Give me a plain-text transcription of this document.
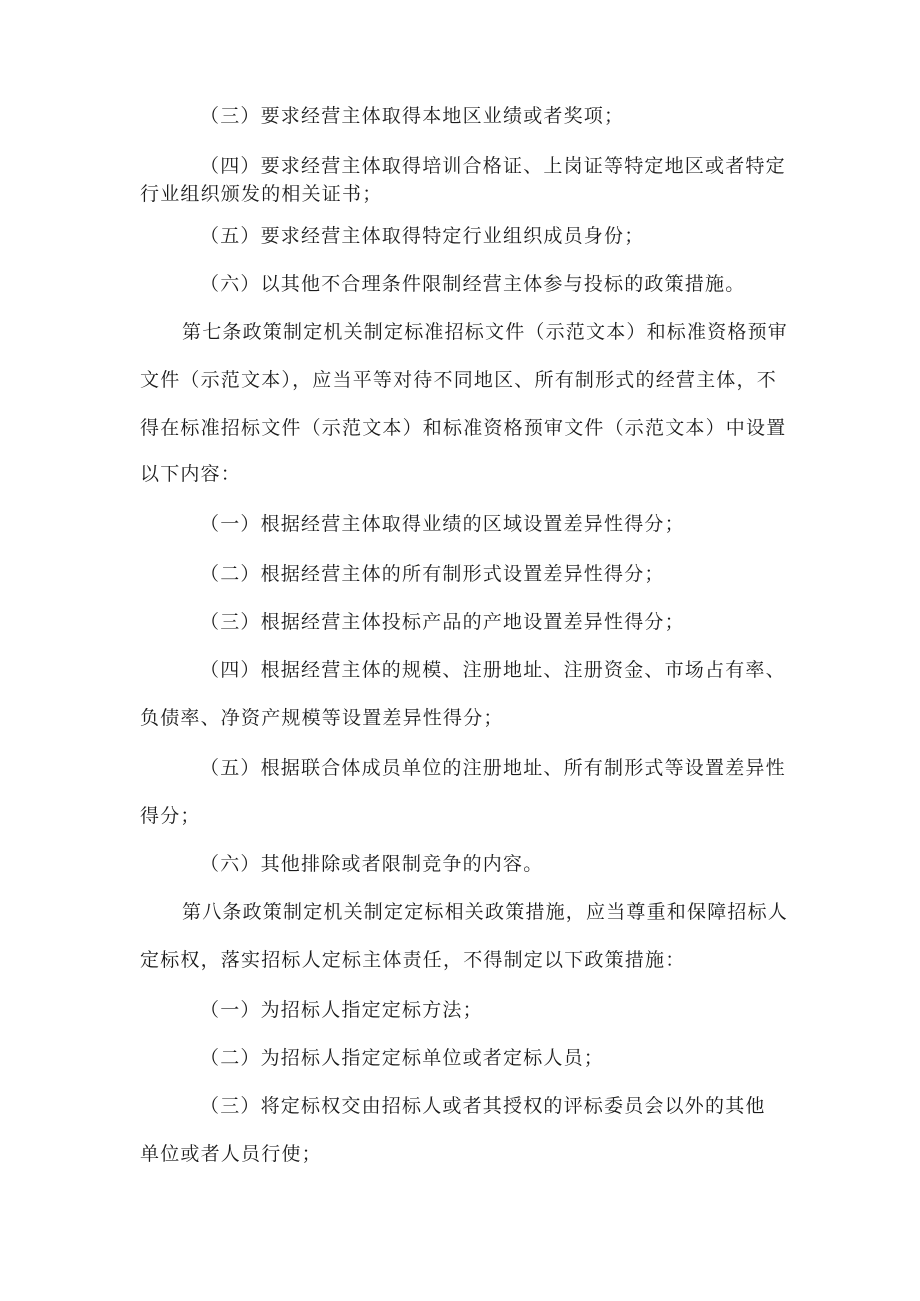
（三）要求经营主体取得本地区业绩或者奖项；
（四）要求经营主体取得培训合格证、上岗证等特定地区或者特定
行业组织颁发的相关证书；
（五）要求经营主体取得特定行业组织成员身份；
（六）以其他不合理条件限制经营主体参与投标的政策措施。
第七条政策制定机关制定标准招标文件（示范文本）和标准资格预审
文件（示范文本），应当平等对待不同地区、所有制形式的经营主体，不
得在标准招标文件（示范文本）和标准资格预审文件（示范文本）中设置
以下内容：
（一）根据经营主体取得业绩的区域设置差异性得分；
（二）根据经营主体的所有制形式设置差异性得分；
（三）根据经营主体投标产品的产地设置差异性得分；
（四）根据经营主体的规模、注册地址、注册资金、市场占有率、
负债率、净资产规模等设置差异性得分；
（五）根据联合体成员单位的注册地址、所有制形式等设置差异性
得分；
（六）其他排除或者限制竞争的内容。
第八条政策制定机关制定定标相关政策措施，应当尊重和保障招标人
定标权，落实招标人定标主体责任，不得制定以下政策措施：
（一）为招标人指定定标方法；
（二）为招标人指定定标单位或者定标人员；
（三）将定标权交由招标人或者其授权的评标委员会以外的其他
单位或者人员行使；
